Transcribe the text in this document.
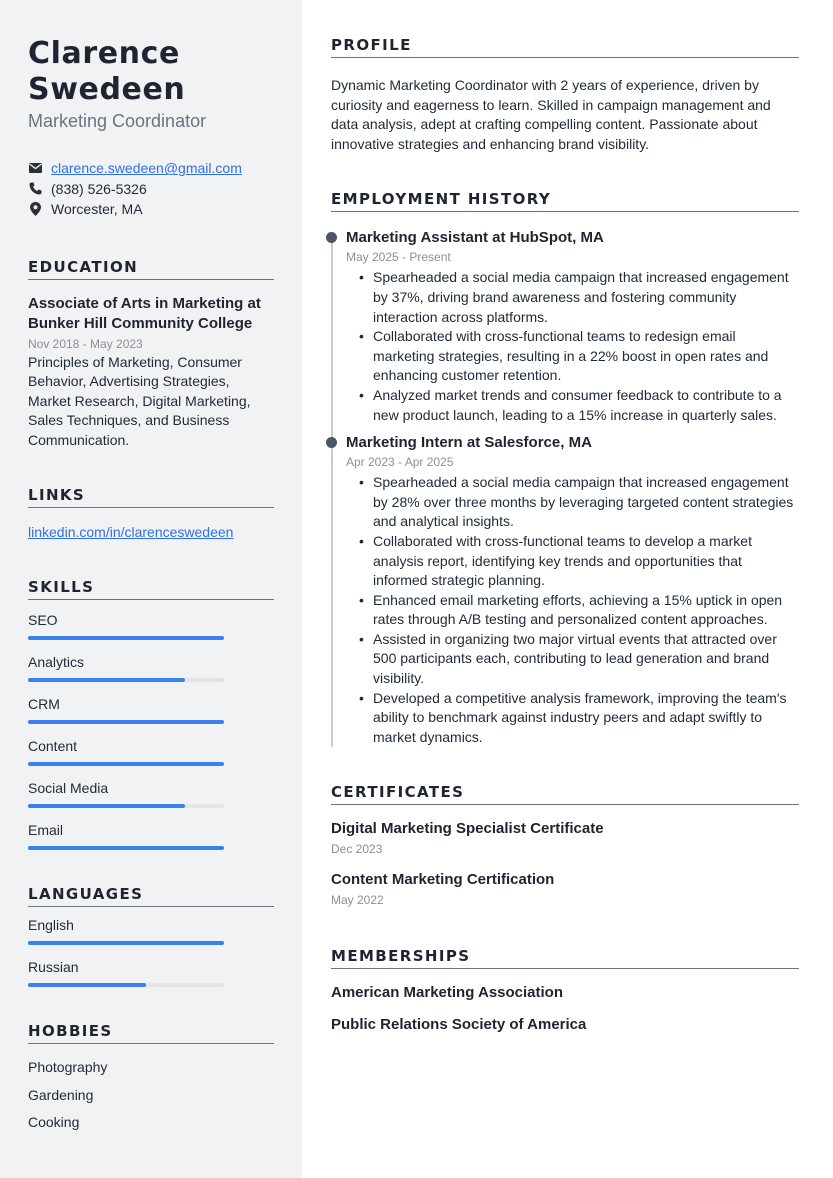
Clarence
Swedeen
Marketing Coordinator
clarence.swedeen@gmail.com
(838) 526-5326
Worcester, MA
EDUCATION
Associate of Arts in Marketing at Bunker Hill Community College
Nov 2018 - May 2023
Principles of Marketing, Consumer Behavior, Advertising Strategies, Market Research, Digital Marketing, Sales Techniques, and Business Communication.
LINKS
linkedin.com/in/clarenceswedeen
SKILLS
SEO
Analytics
CRM
Content
Social Media
Email
LANGUAGES
English
Russian
HOBBIES
Photography
Gardening
Cooking
PROFILE
Dynamic Marketing Coordinator with 2 years of experience, driven by curiosity and eagerness to learn. Skilled in campaign management and data analysis, adept at crafting compelling content. Passionate about innovative strategies and enhancing brand visibility.
EMPLOYMENT HISTORY
Marketing Assistant at HubSpot, MA
May 2025 - Present
• Spearheaded a social media campaign that increased engagement by 37%, driving brand awareness and fostering community interaction across platforms.
• Collaborated with cross-functional teams to redesign email marketing strategies, resulting in a 22% boost in open rates and enhancing customer retention.
• Analyzed market trends and consumer feedback to contribute to a new product launch, leading to a 15% increase in quarterly sales.
Marketing Intern at Salesforce, MA
Apr 2023 - Apr 2025
• Spearheaded a social media campaign that increased engagement by 28% over three months by leveraging targeted content strategies and analytical insights.
• Collaborated with cross-functional teams to develop a market analysis report, identifying key trends and opportunities that informed strategic planning.
• Enhanced email marketing efforts, achieving a 15% uptick in open rates through A/B testing and personalized content approaches.
• Assisted in organizing two major virtual events that attracted over 500 participants each, contributing to lead generation and brand visibility.
• Developed a competitive analysis framework, improving the team's ability to benchmark against industry peers and adapt swiftly to market dynamics.
CERTIFICATES
Digital Marketing Specialist Certificate
Dec 2023
Content Marketing Certification
May 2022
MEMBERSHIPS
American Marketing Association
Public Relations Society of America
